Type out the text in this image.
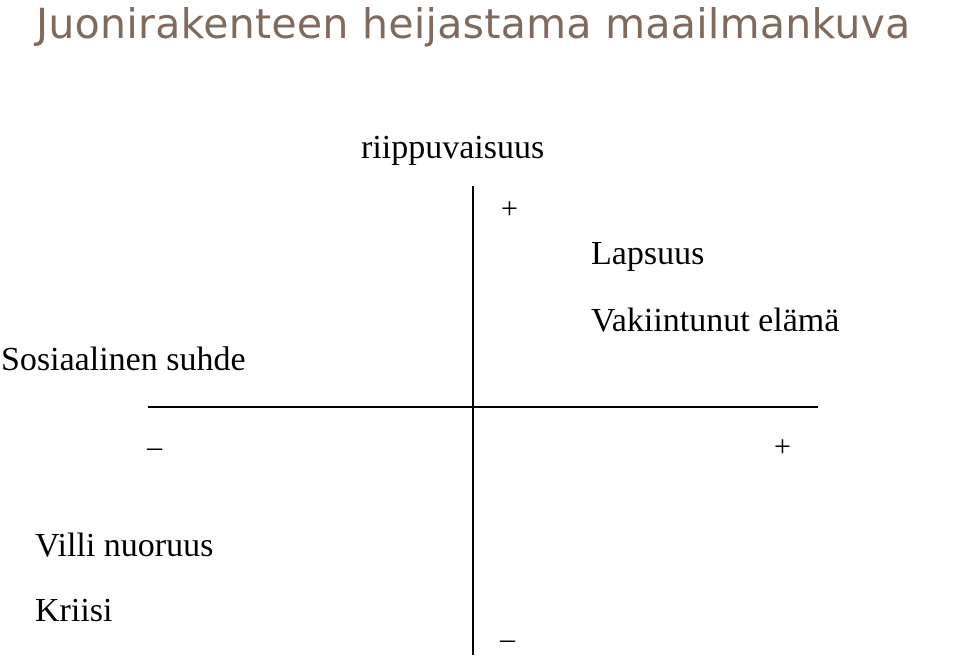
Juonirakenteen heijastama maailmankuva
riippuvaisuus
+
–
–	+
Sosiaalinen suhde
Lapsuus
Vakiintunut elämä
Villi nuoruus
Kriisi
